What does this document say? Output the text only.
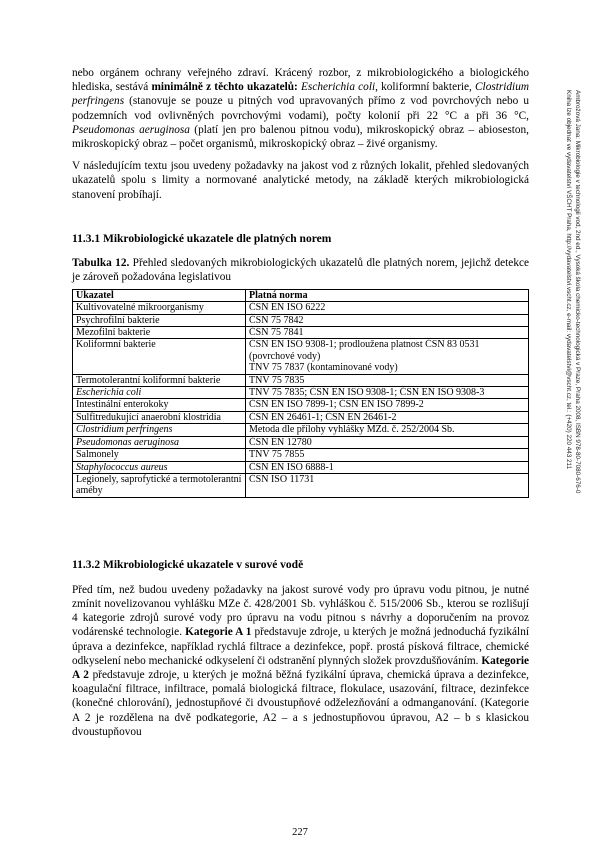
nebo orgánem ochrany veřejného zdraví. Krácený rozbor, z mikrobiologického a biologického hlediska, sestává minimálně z těchto ukazatelů: Escherichia coli, koliformní bakterie, Clostridium perfringens (stanovuje se pouze u pitných vod upravovaných přímo z vod povrchových nebo u podzemních vod ovlivněných povrchovými vodami), počty kolonií při 22 °C a při 36 °C, Pseudomonas aeruginosa (platí jen pro balenou pitnou vodu), mikroskopický obraz – abioseston, mikroskopický obraz – počet organismů, mikroskopický obraz – živé organismy.

V následujícím textu jsou uvedeny požadavky na jakost vod z různých lokalit, přehled sledovaných ukazatelů spolu s limity a normované analytické metody, na základě kterých mikrobiologická stanovení probíhají.

11.3.1 Mikrobiologické ukazatele dle platných norem

Tabulka 12. Přehled sledovaných mikrobiologických ukazatelů dle platných norem, jejichž detekce je zároveň požadována legislativou

Ukazatel	Platná norma
Kultivovatelné mikroorganismy	ČSN EN ISO 6222
Psychrofilní bakterie	ČSN 75 7842
Mezofilní bakterie	ČSN 75 7841
Koliformní bakterie	ČSN EN ISO 9308-1; prodloužena platnost ČSN 83 0531 (povrchové vody)
TNV 75 7837 (kontaminované vody)
Termotolerantní koliformní bakterie	TNV 75 7835
Escherichia coli	TNV 75 7835; ČSN EN ISO 9308-1; ČSN EN ISO 9308-3
Intestinální enterokoky	ČSN EN ISO 7899-1; ČSN EN ISO 7899-2
Sulfitredukující anaerobní klostridia	ČSN EN 26461-1; ČSN EN 26461-2
Clostridium perfringens	Metoda dle přílohy vyhlášky MZd. č. 252/2004 Sb.
Pseudomonas aeruginosa	ČSN EN 12780
Salmonely	TNV 75 7855
Staphylococcus aureus	ČSN EN ISO 6888-1
Legionely, saprofytické a termotolerantní améby	ČSN ISO 11731
11.3.2 Mikrobiologické ukazatele v surové vodě

Před tím, než budou uvedeny požadavky na jakost surové vody pro úpravu vodu pitnou, je nutné zmínit novelizovanou vyhlášku MZe č. 428/2001 Sb. vyhláškou č. 515/2006 Sb., kterou se rozlišují 4 kategorie zdrojů surové vody pro úpravu na vodu pitnou s návrhy a doporučením na provoz vodárenské technologie. Kategorie A 1 představuje zdroje, u kterých je možná jednoduchá fyzikální úprava a dezinfekce, například rychlá filtrace a dezinfekce, popř. prostá písková filtrace, chemické odkyselení nebo mechanické odkyselení či odstranění plynných složek provzdušňováním. Kategorie A 2 představuje zdroje, u kterých je možná běžná fyzikální úprava, chemická úprava a dezinfekce, koagulační filtrace, infiltrace, pomalá biologická filtrace, flokulace, usazování, filtrace, dezinfekce (konečné chlorování), jednostupňové či dvoustupňové odželezňování a odmanganování. (Kategorie A 2 je rozdělena na dvě podkategorie, A2 – a s jednostupňovou úpravou, A2 – b s klasickou dvoustupňovou

227
Ambrožová Jana: Mikrobiologie v technologii vod, 2nd ed., Vysoká škola chemicko-technologická v Praze, Praha 2008, ISBN 978-80-7080-676-0
Kniha lze objednat ve vydavatelství VŠCHT Praha, http://vydavatelstvi.vscht.cz, e-mail: vydavatelstvi@vscht.cz, tel.: (+420) 220 443 211
